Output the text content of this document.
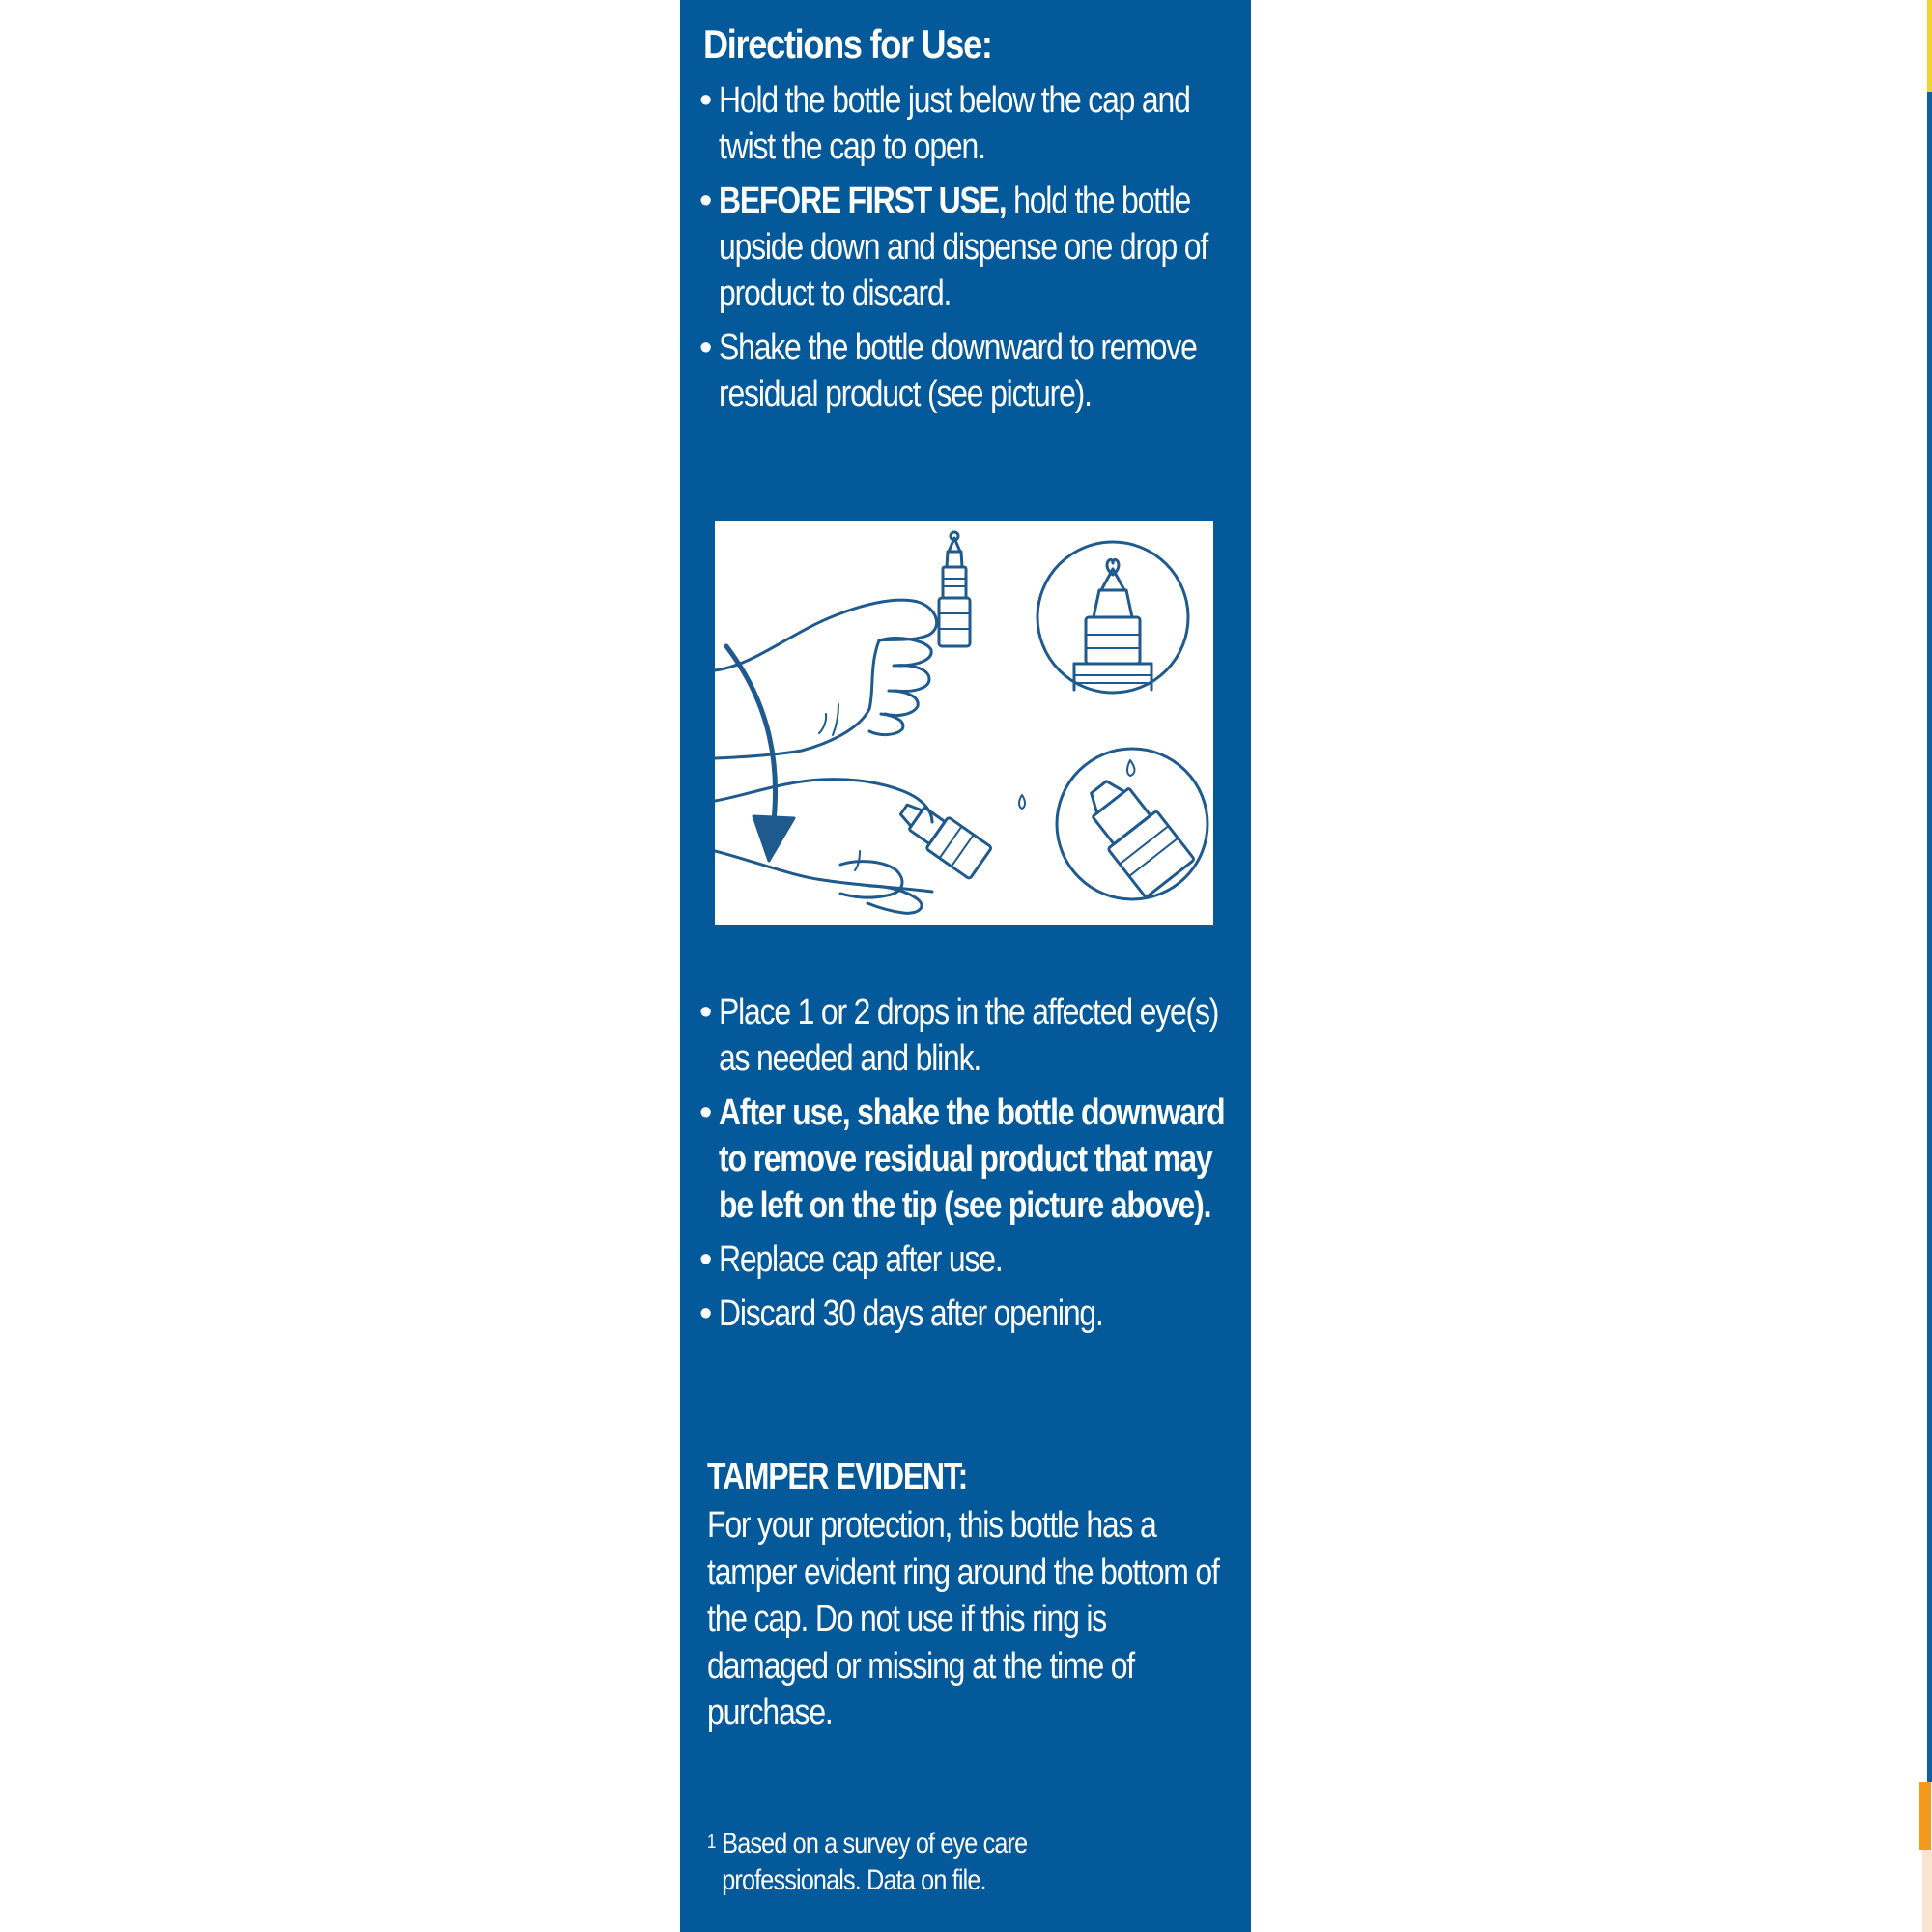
Directions for Use:
• Hold the bottle just below the cap and twist the cap to open.
• BEFORE FIRST USE, hold the bottle upside down and dispense one drop of product to discard.
• Shake the bottle downward to remove residual product (see picture).
• Place 1 or 2 drops in the affected eye(s) as needed and blink.
• After use, shake the bottle downward to remove residual product that may be left on the tip (see picture above).
• Replace cap after use.
• Discard 30 days after opening.
TAMPER EVIDENT:
For your protection, this bottle has a tamper evident ring around the bottom of the cap. Do not use if this ring is damaged or missing at the time of purchase.
$^1$ Based on a survey of eye care professionals. Data on file.
